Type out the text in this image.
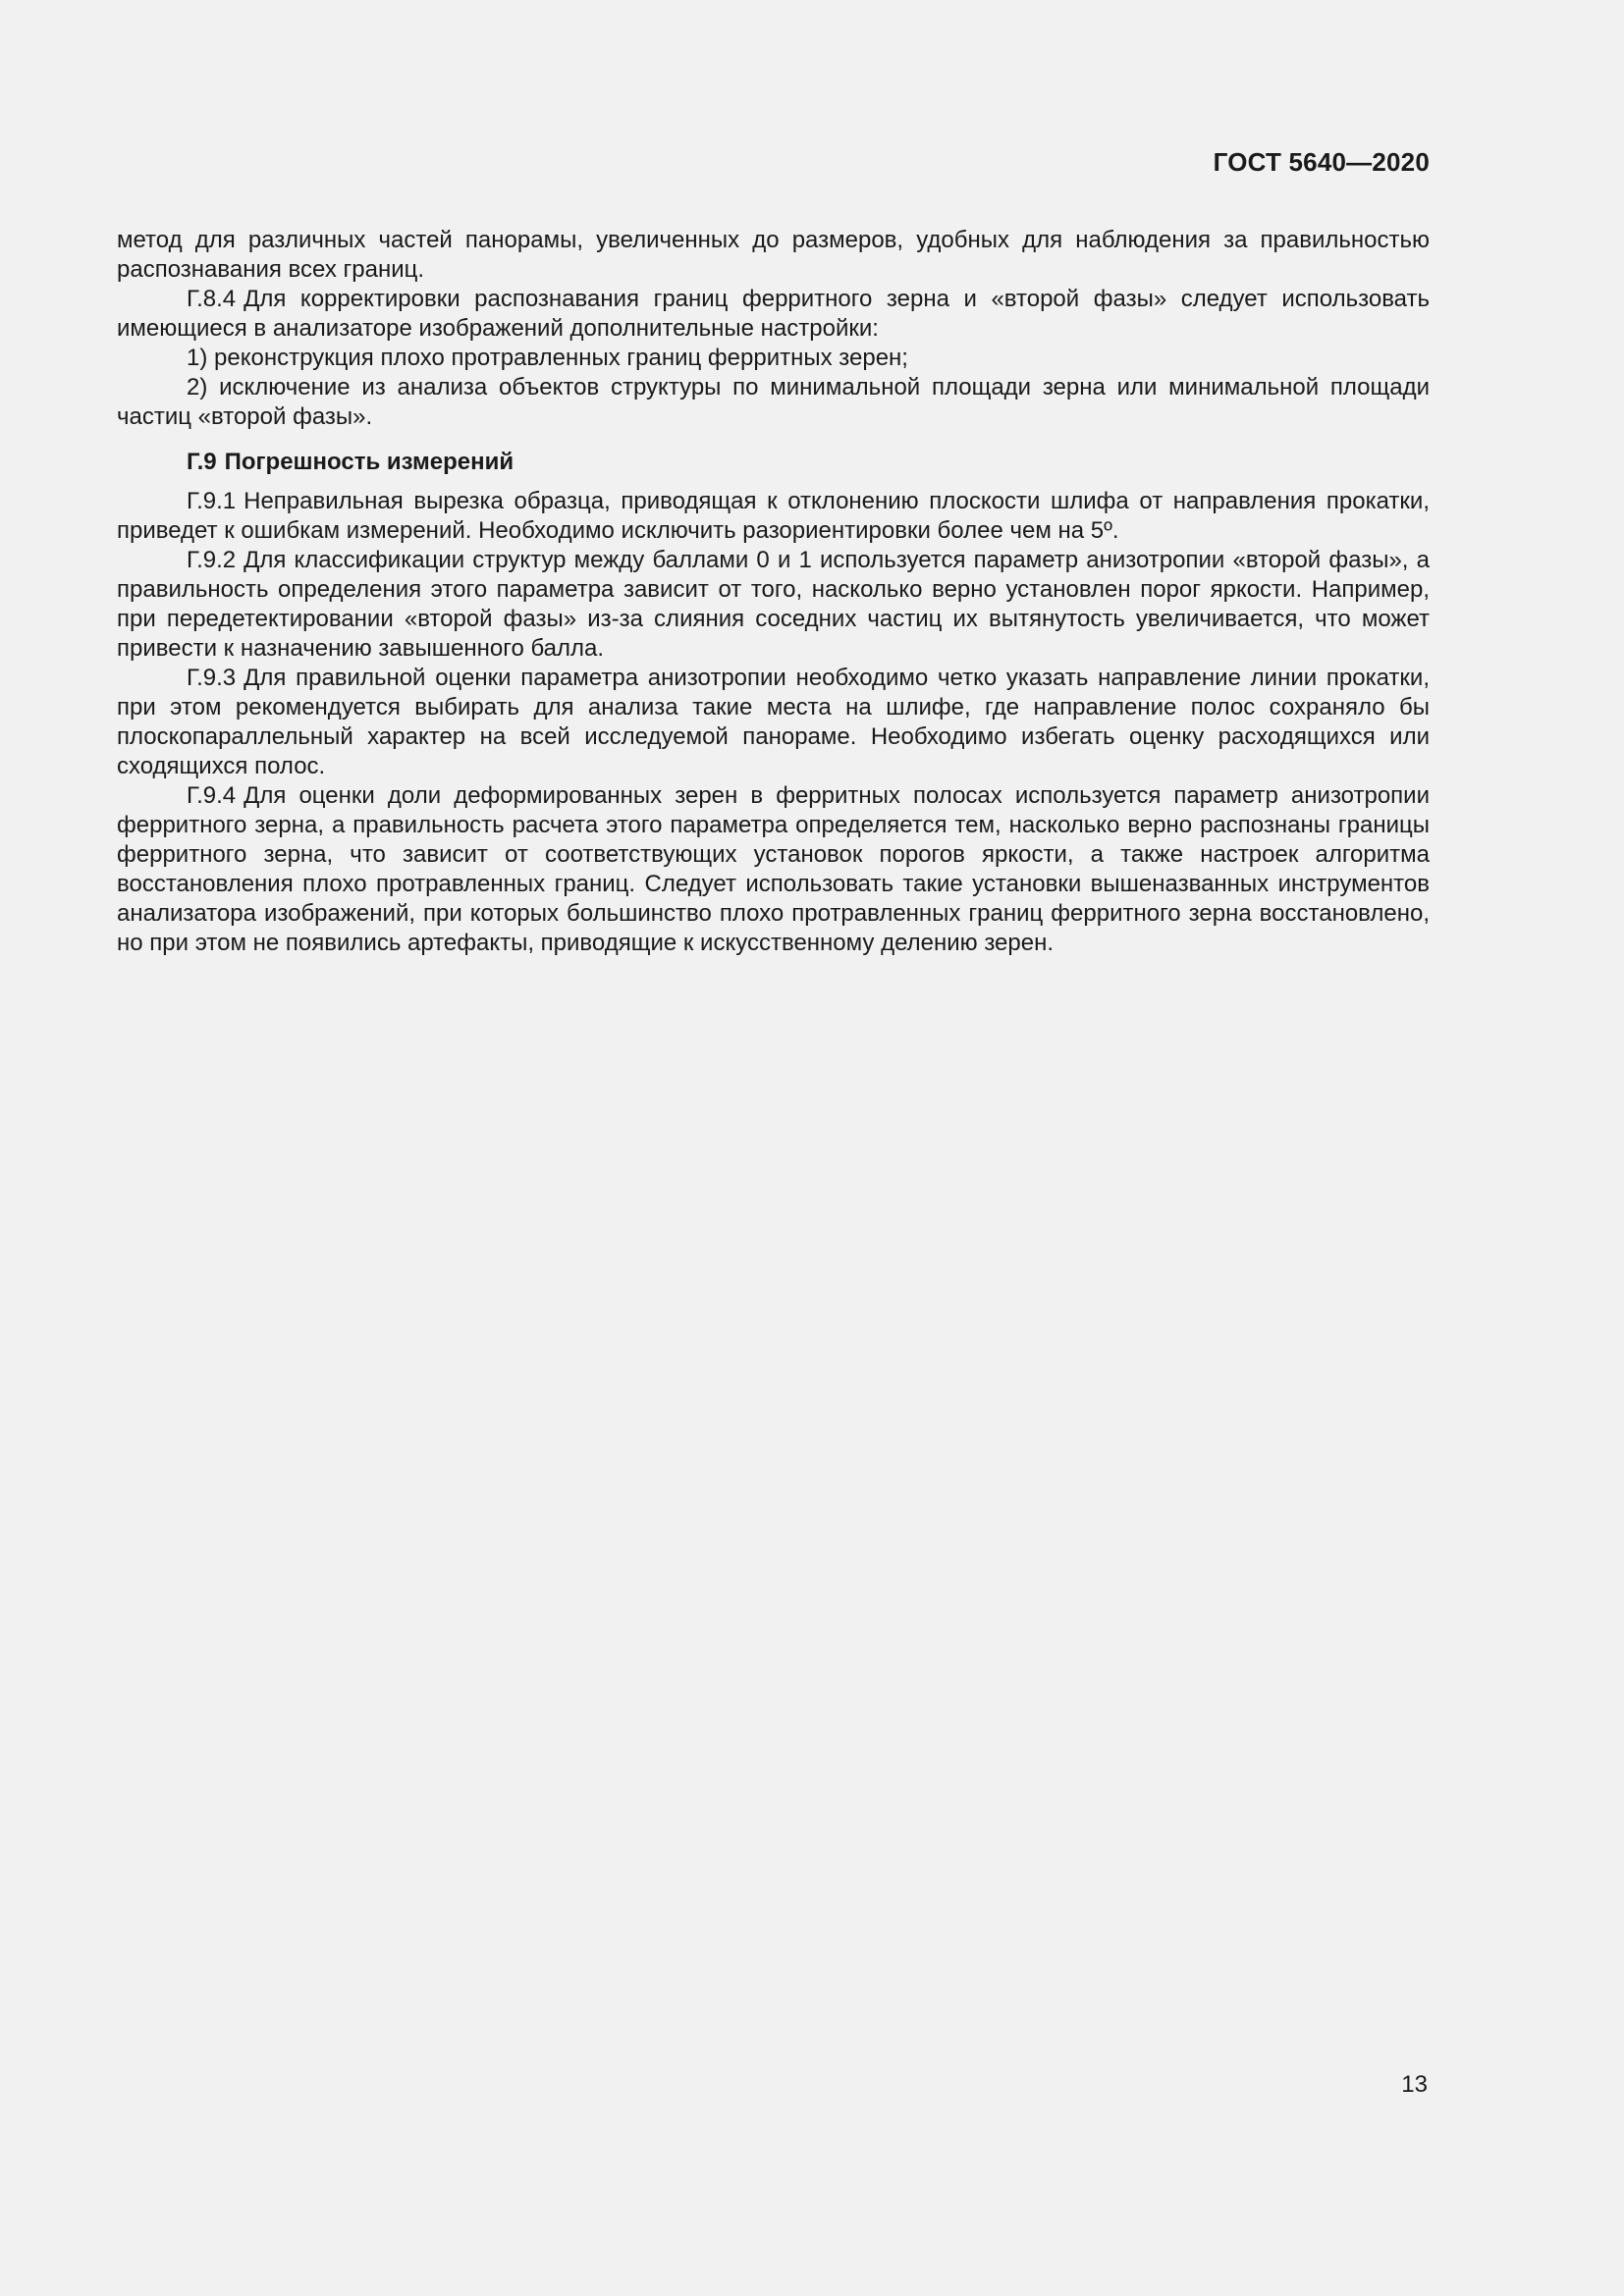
ГОСТ 5640—2020

метод для различных частей панорамы, увеличенных до размеров, удобных для наблюдения за правильностью распознавания всех границ.

Г.8.4 Для корректировки распознавания границ ферритного зерна и «второй фазы» следует использовать имеющиеся в анализаторе изображений дополнительные настройки:

1) реконструкция плохо протравленных границ ферритных зерен;

2) исключение из анализа объектов структуры по минимальной площади зерна или минимальной площади частиц «второй фазы».

Г.9 Погрешность измерений

Г.9.1 Неправильная вырезка образца, приводящая к отклонению плоскости шлифа от направления прокатки, приведет к ошибкам измерений. Необходимо исключить разориентировки более чем на 5º.

Г.9.2 Для классификации структур между баллами 0 и 1 используется параметр анизотропии «второй фазы», а правильность определения этого параметра зависит от того, насколько верно установлен порог яркости. Например, при передетектировании «второй фазы» из-за слияния соседних частиц их вытянутость увеличивается, что может привести к назначению завышенного балла.

Г.9.3 Для правильной оценки параметра анизотропии необходимо четко указать направление линии прокатки, при этом рекомендуется выбирать для анализа такие места на шлифе, где направление полос сохраняло бы плоскопараллельный характер на всей исследуемой панораме. Необходимо избегать оценку расходящихся или сходящихся полос.

Г.9.4 Для оценки доли деформированных зерен в ферритных полосах используется параметр анизотропии ферритного зерна, а правильность расчета этого параметра определяется тем, насколько верно распознаны границы ферритного зерна, что зависит от соответствующих установок порогов яркости, а также настроек алгоритма восстановления плохо протравленных границ. Следует использовать такие установки вышеназванных инструментов анализатора изображений, при которых большинство плохо протравленных границ ферритного зерна восстановлено, но при этом не появились артефакты, приводящие к искусственному делению зерен.

13
